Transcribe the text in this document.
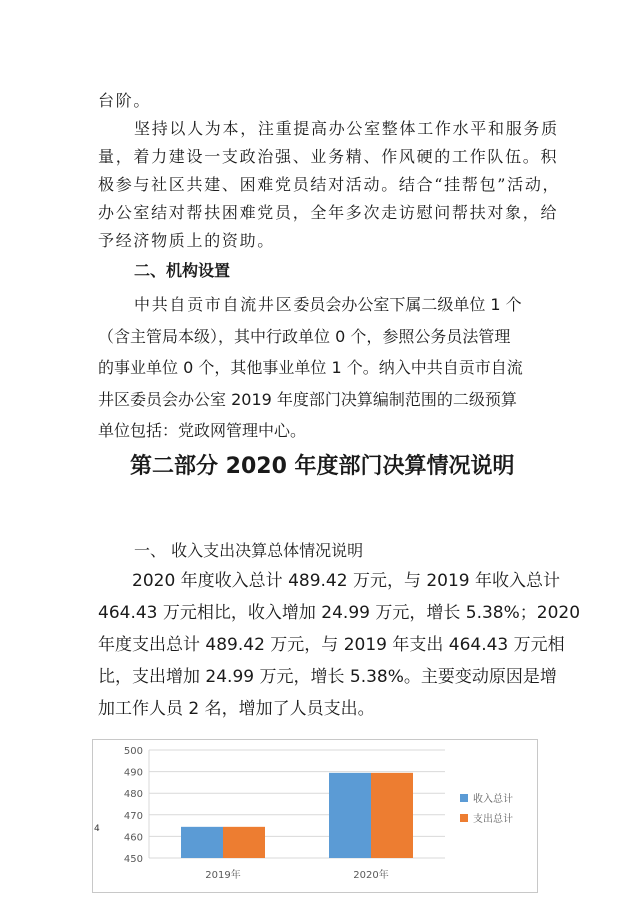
台阶。
坚持以人为本，注重提高办公室整体工作水平和服务质
量，着力建设一支政治强、业务精、作风硬的工作队伍。积
极参与社区共建、困难党员结对活动。结合“挂帮包”活动，
办公室结对帮扶困难党员，全年多次走访慰问帮扶对象，给
予经济物质上的资助。
二、机构设置
中共自贡市自流井区委员会办公室下属二级单位 1 个
（含主管局本级），其中行政单位 0 个，参照公务员法管理
的事业单位 0 个，其他事业单位 1 个。纳入中共自贡市自流
井区委员会办公室 2019 年度部门决算编制范围的二级预算
单位包括：党政网管理中心。
第二部分 2020 年度部门决算情况说明
一、 收入支出决算总体情况说明
2020 年度收入总计 489.42 万元，与 2019 年收入总计
464.43 万元相比，收入增加 24.99 万元，增长 5.38%；2020
年度支出总计 489.42 万元，与 2019 年支出 464.43 万元相
比，支出增加 24.99 万元，增长 5.38%。主要变动原因是增
加工作人员 2 名，增加了人员支出。
450
460
470
480
490
500
2019年	2020年
收入总计
支出总计
4
